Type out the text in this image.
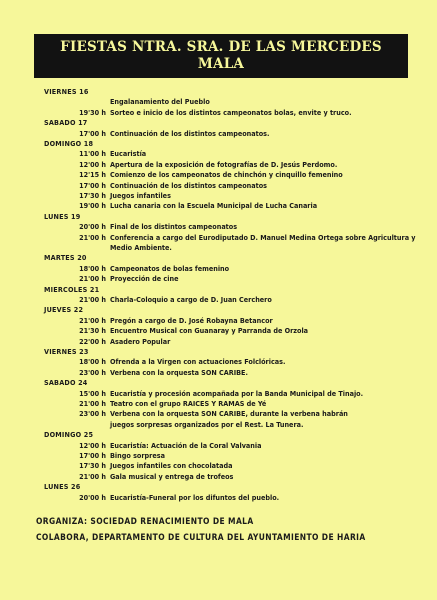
FIESTAS NTRA. SRA. DE LAS MERCEDES
MALA
VIERNES 16
Engalanamiento del Pueblo
19'30 h Sorteo e inicio de los distintos campeonatos bolas, envite y truco.
SABADO 17
17'00 h Continuación de los distintos campeonatos.
DOMINGO 18
11'00 h Eucaristía
12'00 h Apertura de la exposición de fotografías de D. Jesús Perdomo.
12'15 h Comienzo de los campeonatos de chinchón y cinquillo femenino
17'00 h Continuación de los distintos campeonatos
17'30 h Juegos infantiles
19'00 h Lucha canaria con la Escuela Municipal de Lucha Canaria
LUNES 19
20'00 h Final de los distintos campeonatos
21'00 h Conferencia a cargo del Eurodiputado D. Manuel Medina Ortega sobre Agricultura y
Medio Ambiente.
MARTES 20
18'00 h Campeonatos de bolas femenino
21'00 h Proyección de cine
MIERCOLES 21
21'00 h Charla-Coloquio a cargo de D. Juan Cerchero
JUEVES 22
21'00 h Pregón a cargo de D. José Robayna Betancor
21'30 h Encuentro Musical con Guanaray y Parranda de Orzola
22'00 h Asadero Popular
VIERNES 23
18'00 h Ofrenda a la Virgen con actuaciones Folclóricas.
23'00 h Verbena con la orquesta SON CARIBE.
SABADO 24
15'00 h Eucaristía y procesión acompañada por la Banda Municipal de Tinajo.
21'00 h Teatro con el grupo RAICES Y RAMAS de Yé
23'00 h Verbena con la orquesta SON CARIBE, durante la verbena habrán
juegos sorpresas organizados por el Rest. La Tunera.
DOMINGO 25
12'00 h Eucaristía: Actuación de la Coral Valvania
17'00 h Bingo sorpresa
17'30 h Juegos infantiles con chocolatada
21'00 h Gala musical y entrega de trofeos
LUNES 26
20'00 h Eucaristía-Funeral por los difuntos del pueblo.
ORGANIZA: SOCIEDAD RENACIMIENTO DE MALA
COLABORA, DEPARTAMENTO DE CULTURA DEL AYUNTAMIENTO DE HARIA
